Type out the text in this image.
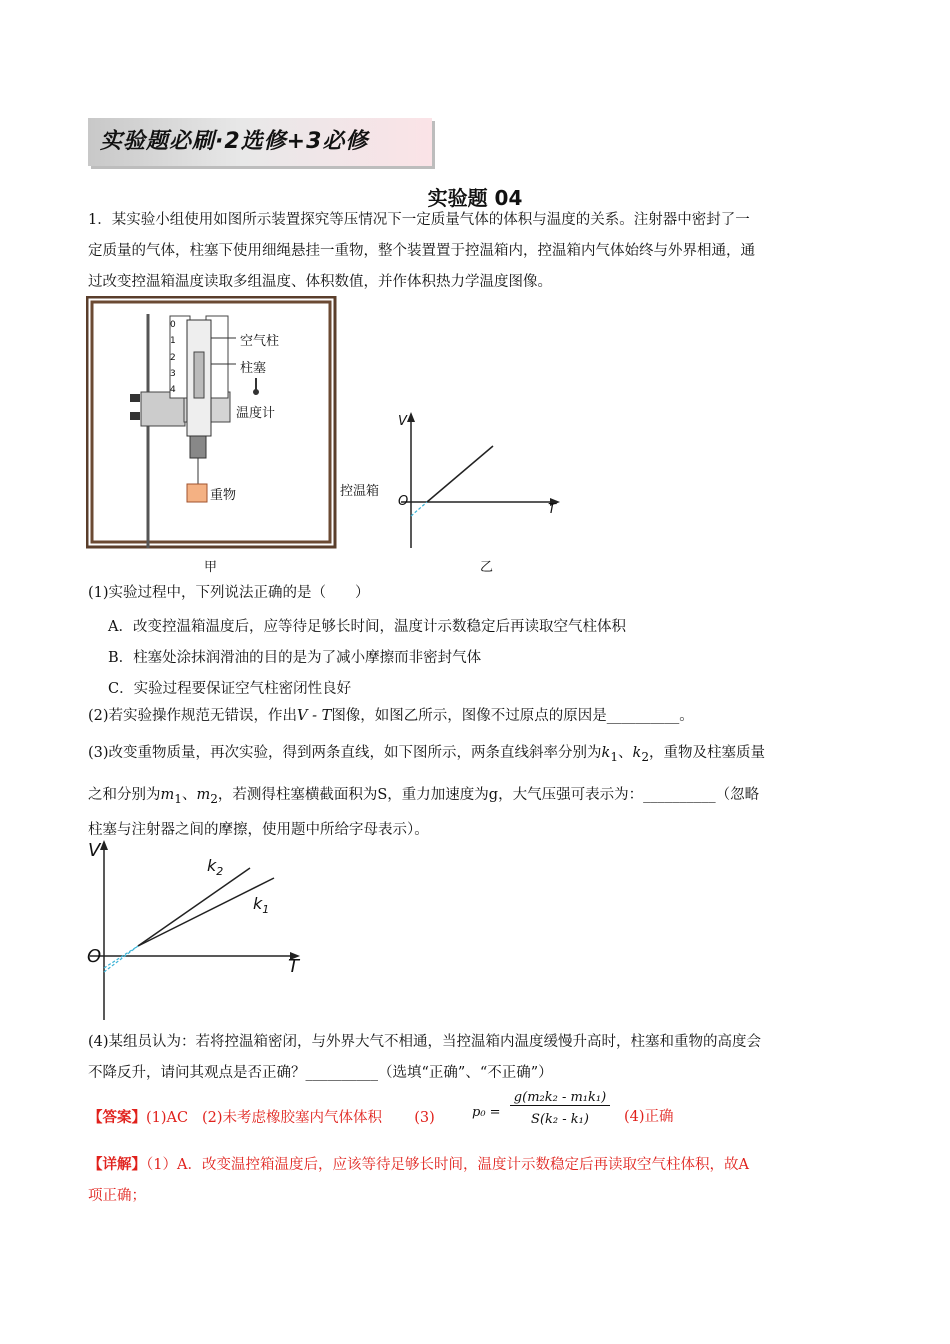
实验题必刷·2选修+3必修
实验题 04
1．某实验小组使用如图所示装置探究等压情况下一定质量气体的体积与温度的关系。注射器中密封了一
定质量的气体，柱塞下使用细绳悬挂一重物，整个装置置于控温箱内，控温箱内气体始终与外界相通，通
过改变控温箱温度读取多组温度、体积数值，并作体积热力学温度图像。
0
1
2
3
4
空气柱
柱塞
温度计
重物	控温箱
甲
V
O
T
乙
(1)实验过程中，下列说法正确的是（　　）
A．改变控温箱温度后，应等待足够长时间，温度计示数稳定后再读取空气柱体积
B．柱塞处涂抹润滑油的目的是为了减小摩擦而非密封气体
C．实验过程要保证空气柱密闭性良好
(2)若实验操作规范无错误，作出V - T图像，如图乙所示，图像不过原点的原因是__________。
(3)改变重物质量，再次实验，得到两条直线，如下图所示，两条直线斜率分别为$k_1$、$k_2$，重物及柱塞质量
之和分别为$m_1$、$m_2$，若测得柱塞横截面积为S，重力加速度为g，大气压强可表示为：__________（忽略
柱塞与注射器之间的摩擦，使用题中所给字母表示）。
V
O	T
$k_2$
$k_1$
(4)某组员认为：若将控温箱密闭，与外界大气不相通，当控温箱内温度缓慢升高时，柱塞和重物的高度会
不降反升，请问其观点是否正确？__________（选填“正确”、“不正确”）
【答案】(1)AC (2)未考虑橡胶塞内气体体积 (3)	p₀ =
g(m₂k₂ - m₁k₁)
S(k₂ - k₁)	(4)正确
【详解】（1）A．改变温控箱温度后，应该等待足够长时间，温度计示数稳定后再读取空气柱体积，故A
项正确；
